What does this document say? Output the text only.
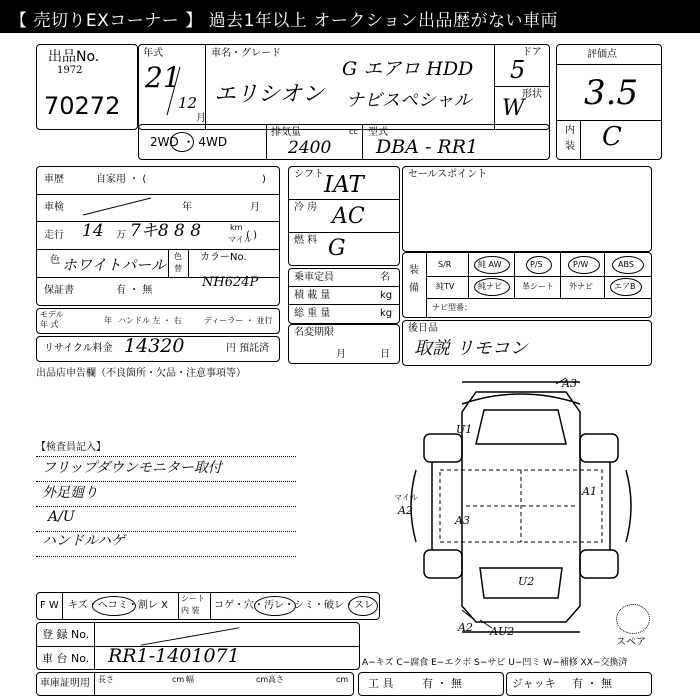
【 売切りEXコーナー 】 過去1年以上 オークション出品歴がない車両
出品No.
1972
70272
年式
21
12
月
車名・グレード
エリシオン
G エアロ HDD
ナビスペシャル
ドア
5
形状
W
評価点
3.5
内
装 C
2WD ・ 4WD
排気量	cc
2400
型式
DBA - RR1
車歴	自家用 ・ (	)
車検	年	月
走行 14 万 7キ8 8 8	km
マイル
( )
色 ホワイトパール 色
替
カラーNo.
NH624P
保証書	有 ・ 無
モデル
年 式	年 ハンドル 左 ・ 右	ディーラー ・ 並行
リサイクル料金 14320	円 預託済
シフト IAT
冷 房 AC
燃 料 G
乗車定員	名
積 載 量	kg
総 重 量	kg
名変期限
月	日
セールスポイント
装
備
S/R	純 AW	P/S	P/W	ABS
純TV	純ナビ	革シート 外ナビ	エアB
ナビ型番：
後日品
取説 リモコン
出品店申告欄（不良箇所・欠品・注意事項等）
【検査員記入】
フリップダウンモニター取付
外足廻り
A/U
ハンドルハゲ
A3
U1
マイル
A2
A1
A3
U2
A2 AU2
スペア
F W キズ・ヘコミ・割レ X
シート
内 装 コゲ・穴・汚レ・シミ・破レ・スレ
登 録 No.
車 台 No. RR1-1401071	A−キズ C−腐食 E−エクボ S−サビ U−凹ミ W−補修 XX−交換済
車庫証明用 長さ	cm 幅	cm 高さ	cm 工 具	有 ・ 無	ジャッキ 有 ・ 無
